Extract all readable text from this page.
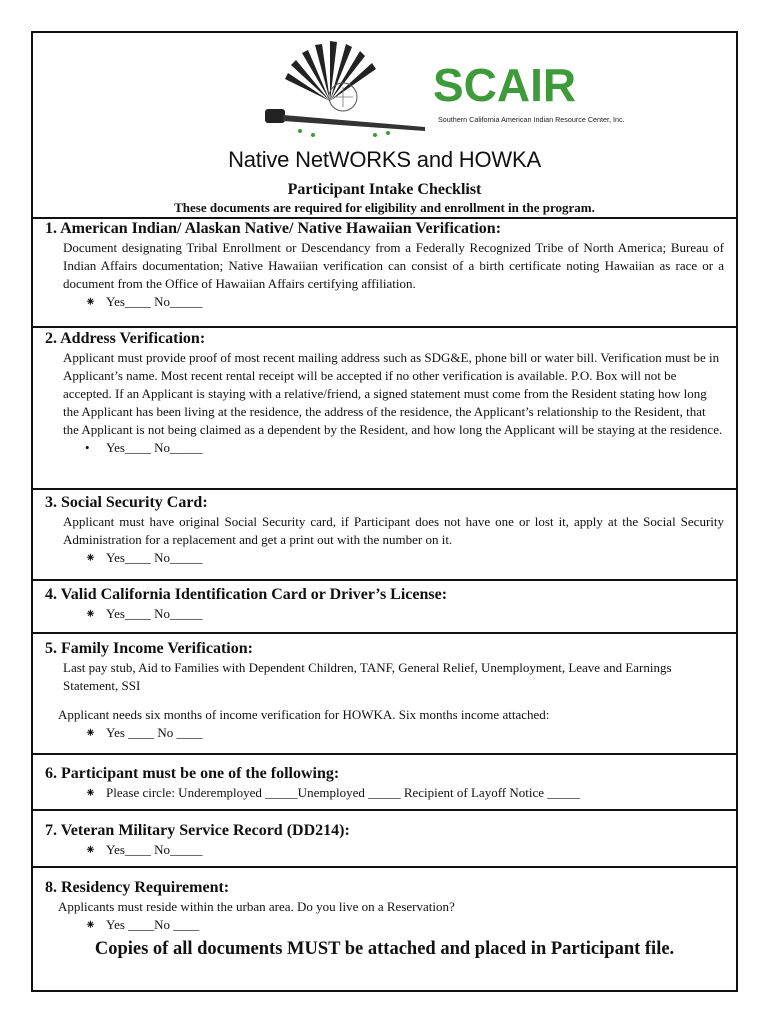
SCAIR
Southern California American Indian Resource Center, Inc.
Native NetWORKS and HOWKA
Participant Intake Checklist
These documents are required for eligibility and enrollment in the program.

1. American Indian/ Alaskan Native/ Native Hawaiian Verification:

Document designating Tribal Enrollment or Descendancy from a Federally Recognized Tribe of North America; Bureau of Indian Affairs documentation; Native Hawaiian verification can consist of a birth certificate noting Hawaiian as race or a document from the Office of Hawaiian Affairs certifying affiliation.

⁕ Yes____ No_____

2. Address Verification:

Applicant must provide proof of most recent mailing address such as SDG&E, phone bill or water bill. Verification must be in Applicant’s name. Most recent rental receipt will be accepted if no other verification is available. P.O. Box will not be accepted. If an Applicant is staying with a relative/friend, a signed statement must come from the Resident stating how long the Applicant has been living at the residence, the address of the residence, the Applicant’s relationship to the Resident, that the Applicant is not being claimed as a dependent by the Resident, and how long the Applicant will be staying at the residence.

•	Yes____ No_____

3. Social Security Card:

Applicant must have original Social Security card, if Participant does not have one or lost it, apply at the Social Security Administration for a replacement and get a print out with the number on it.

⁕ Yes____ No_____

4. Valid California Identification Card or Driver’s License:

⁕ Yes____ No_____

5. Family Income Verification:

Last pay stub, Aid to Families with Dependent Children, TANF, General Relief, Unemployment, Leave and Earnings Statement, SSI

Applicant needs six months of income verification for HOWKA. Six months income attached:

⁕ Yes ____ No ____

6. Participant must be one of the following:

⁕ Please circle: Underemployed _____Unemployed _____ Recipient of Layoff Notice _____

7. Veteran Military Service Record (DD214):

⁕ Yes____ No_____

8. Residency Requirement:

Applicants must reside within the urban area. Do you live on a Reservation?

⁕ Yes ____No ____
Copies of all documents MUST be attached and placed in Participant file.
